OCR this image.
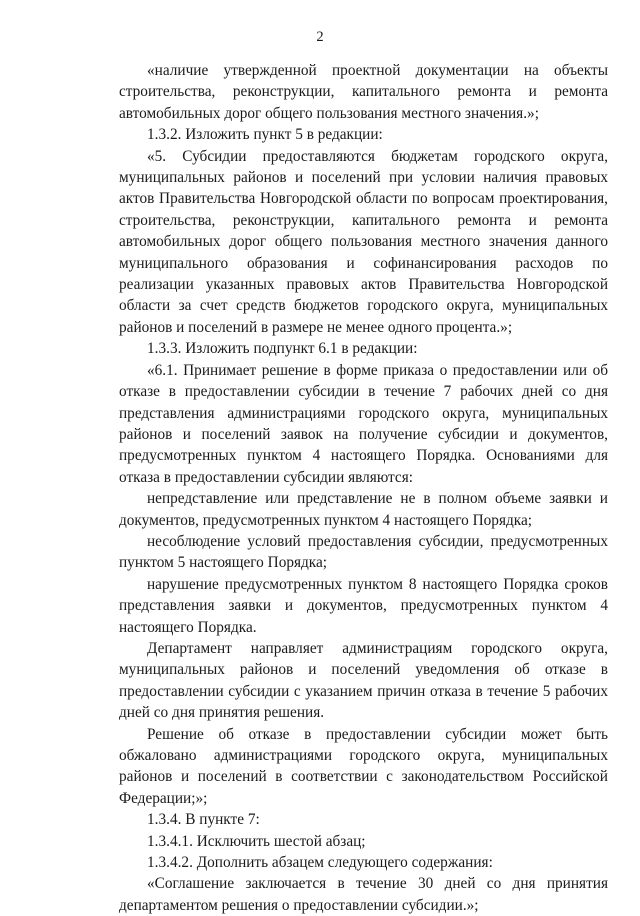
2

«наличие утвержденной проектной документации на объекты строительства, реконструкции, капитального ремонта и ремонта автомобильных дорог общего пользования местного значения.»;

1.3.2. Изложить пункт 5 в редакции:

«5. Субсидии предоставляются бюджетам городского округа, муниципальных районов и поселений при условии наличия правовых актов Правительства Новгородской области по вопросам проектирования, строительства, реконструкции, капитального ремонта и ремонта автомобильных дорог общего пользования местного значения данного муниципального образования и софинансирования расходов по реализации указанных правовых актов Правительства Новгородской области за счет средств бюджетов городского округа, муниципальных районов и поселений в размере не менее одного процента.»;

1.3.3. Изложить подпункт 6.1 в редакции:

«6.1. Принимает решение в форме приказа о предоставлении или об отказе в предоставлении субсидии в течение 7 рабочих дней со дня представления администрациями городского округа, муниципальных районов и поселений заявок на получение субсидии и документов, предусмотренных пунктом 4 настоящего Порядка. Основаниями для отказа в предоставлении субсидии являются:

непредставление или представление не в полном объеме заявки и документов, предусмотренных пунктом 4 настоящего Порядка;

несоблюдение условий предоставления субсидии, предусмотренных пунктом 5 настоящего Порядка;

нарушение предусмотренных пунктом 8 настоящего Порядка сроков представления заявки и документов, предусмотренных пунктом 4 настоящего Порядка.

Департамент направляет администрациям городского округа, муниципальных районов и поселений уведомления об отказе в предоставлении субсидии с указанием причин отказа в течение 5 рабочих дней со дня принятия решения.

Решение об отказе в предоставлении субсидии может быть обжаловано администрациями городского округа, муниципальных районов и поселений в соответствии с законодательством Российской Федерации;»;

1.3.4. В пункте 7:

1.3.4.1. Исключить шестой абзац;

1.3.4.2. Дополнить абзацем следующего содержания:

«Соглашение заключается в течение 30 дней со дня принятия департаментом решения о предоставлении субсидии.»;
